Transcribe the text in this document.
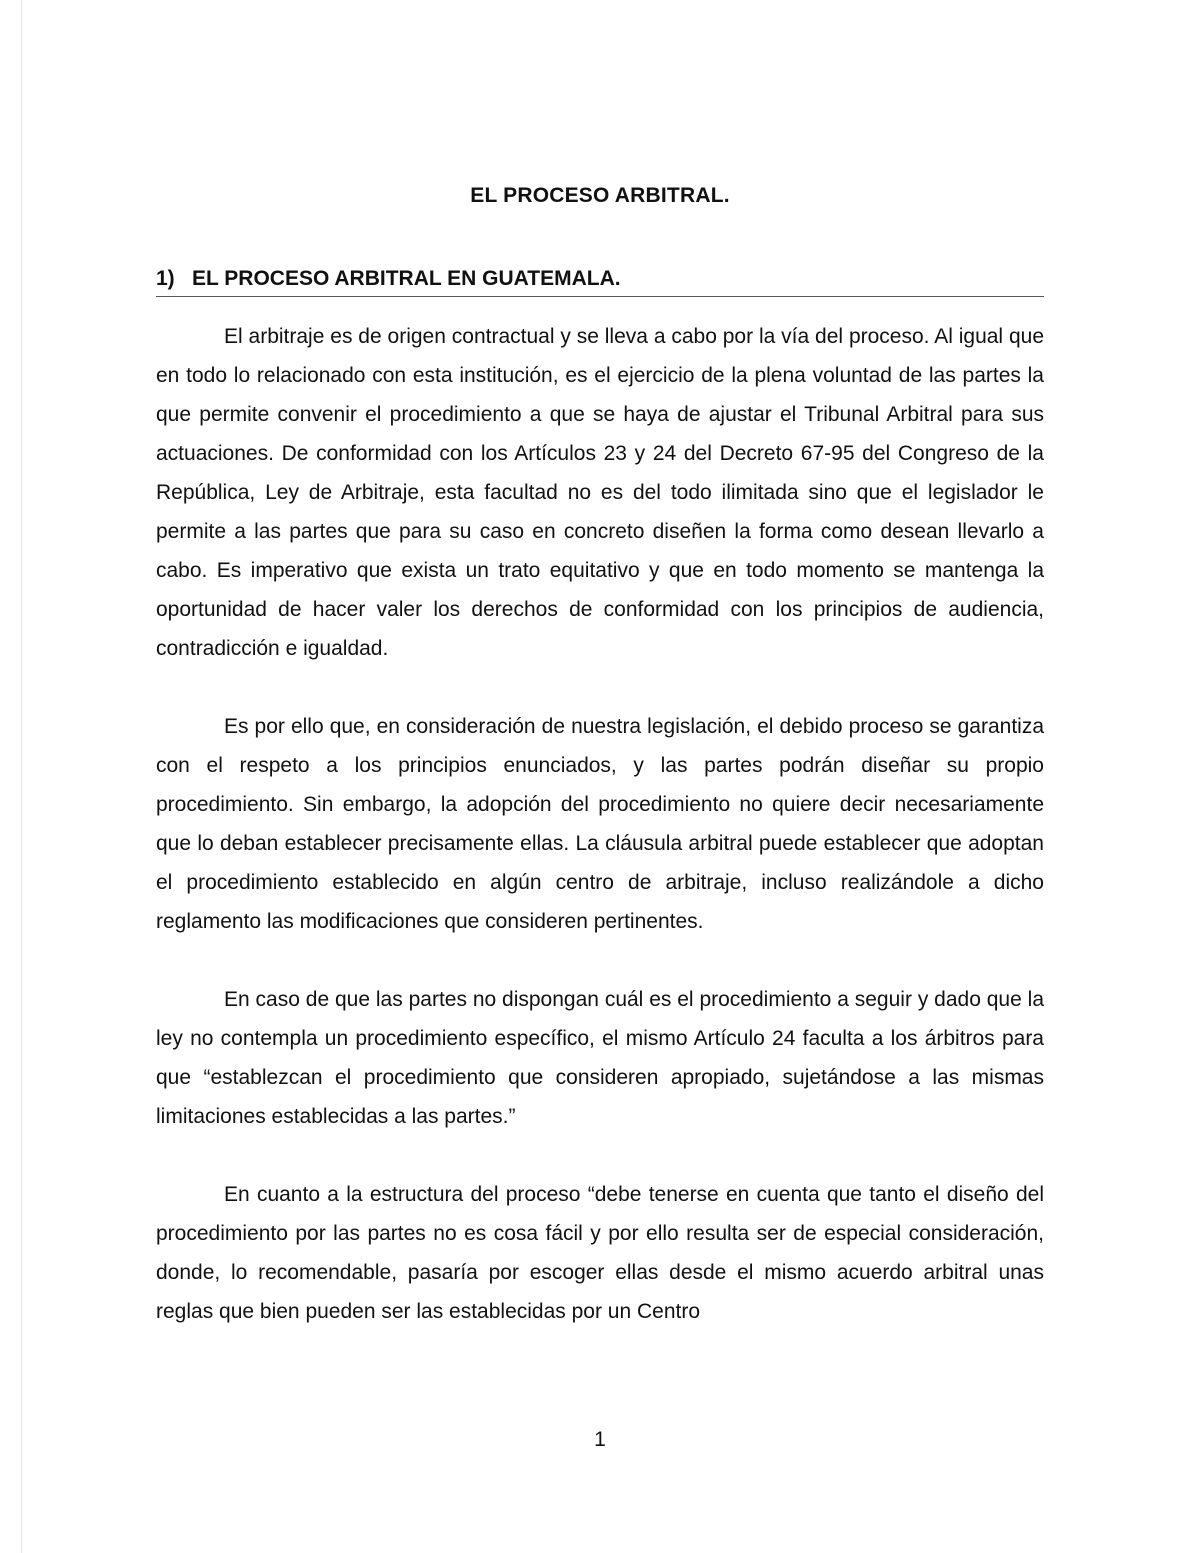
EL PROCESO ARBITRAL.
1) EL PROCESO ARBITRAL EN GUATEMALA.

El arbitraje es de origen contractual y se lleva a cabo por la vía del proceso. Al igual que en todo lo relacionado con esta institución, es el ejercicio de la plena voluntad de las partes la que permite convenir el procedimiento a que se haya de ajustar el Tribunal Arbitral para sus actuaciones. De conformidad con los Artículos 23 y 24 del Decreto 67-95 del Congreso de la República, Ley de Arbitraje, esta facultad no es del todo ilimitada sino que el legislador le permite a las partes que para su caso en concreto diseñen la forma como desean llevarlo a cabo. Es imperativo que exista un trato equitativo y que en todo momento se mantenga la oportunidad de hacer valer los derechos de conformidad con los principios de audiencia, contradicción e igualdad.

Es por ello que, en consideración de nuestra legislación, el debido proceso se garantiza con el respeto a los principios enunciados, y las partes podrán diseñar su propio procedimiento. Sin embargo, la adopción del procedimiento no quiere decir necesariamente que lo deban establecer precisamente ellas. La cláusula arbitral puede establecer que adoptan el procedimiento establecido en algún centro de arbitraje, incluso realizándole a dicho reglamento las modificaciones que consideren pertinentes.

En caso de que las partes no dispongan cuál es el procedimiento a seguir y dado que la ley no contempla un procedimiento específico, el mismo Artículo 24 faculta a los árbitros para que “establezcan el procedimiento que consideren apropiado, sujetándose a las mismas limitaciones establecidas a las partes.”

En cuanto a la estructura del proceso “debe tenerse en cuenta que tanto el diseño del procedimiento por las partes no es cosa fácil y por ello resulta ser de especial consideración, donde, lo recomendable, pasaría por escoger ellas desde el mismo acuerdo arbitral unas reglas que bien pueden ser las establecidas por un Centro

1
